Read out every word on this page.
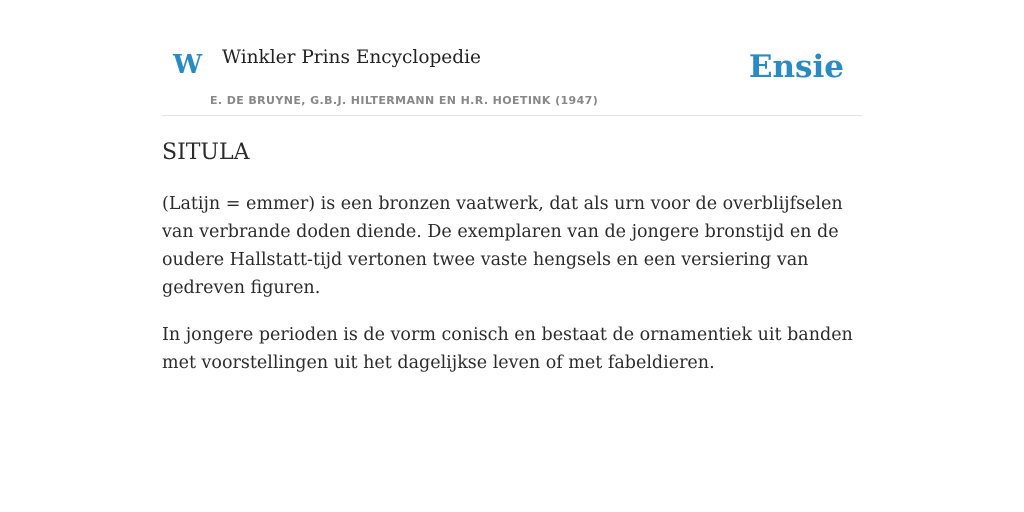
W Winkler Prins Encyclopedie
E. DE BRUYNE, G.B.J. HILTERMANN EN H.R. HOETINK (1947)
Ensie
SITULA

(Latijn = emmer) is een bronzen vaatwerk, dat als urn voor de overblijfselen van verbrande doden diende. De exemplaren van de jongere bronstijd en de oudere Hallstatt-tijd vertonen twee vaste hengsels en een versiering van gedreven figuren.

In jongere perioden is de vorm conisch en bestaat de ornamentiek uit banden met voorstellingen uit het dagelijkse leven of met fabeldieren.
